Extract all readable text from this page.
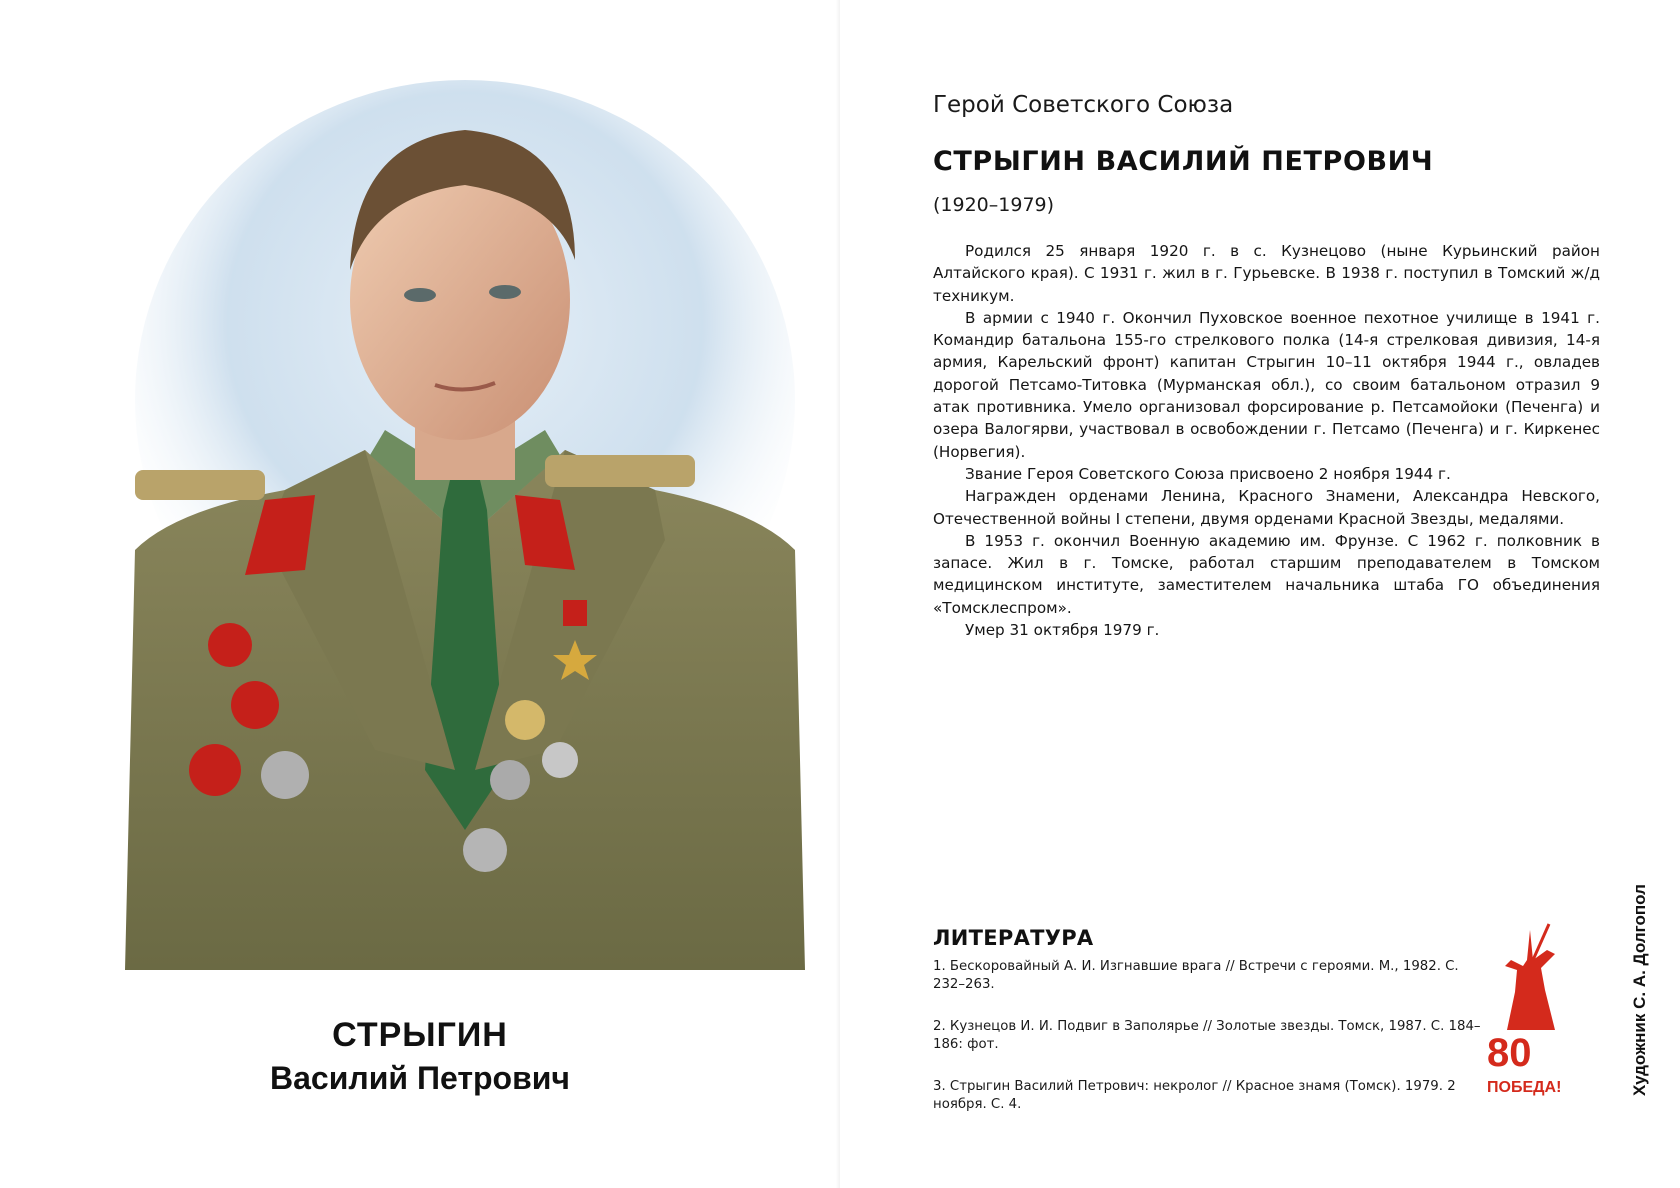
СТРЫГИН
Василий Петрович
Герой Советского Союза
СТРЫГИН ВАСИЛИЙ ПЕТРОВИЧ
(1920–1979)

Родился 25 января 1920 г. в с. Кузнецово (ныне Курьинский район Алтайского края). С 1931 г. жил в г. Гурьевске. В 1938 г. поступил в Томский ж/д техникум.

В армии с 1940 г. Окончил Пуховское военное пехотное училище в 1941 г. Командир батальона 155-го стрелкового полка (14-я стрелковая дивизия, 14-я армия, Карельский фронт) капитан Стрыгин 10–11 октября 1944 г., овладев дорогой Петсамо-Титовка (Мурманская обл.), со своим батальоном отразил 9 атак противника. Умело организовал форсирование р. Петсамойоки (Печенга) и озера Валогярви, участвовал в освобождении г. Петсамо (Печенга) и г. Киркенес (Норвегия).

Звание Героя Советского Союза присвоено 2 ноября 1944 г.

Награжден орденами Ленина, Красного Знамени, Александра Невского, Отечественной войны I степени, двумя орденами Красной Звезды, медалями.

В 1953 г. окончил Военную академию им. Фрунзе. С 1962 г. полковник в запасе. Жил в г. Томске, работал старшим преподавателем в Томском медицинском институте, заместителем начальника штаба ГО объединения «Томсклеспром».

Умер 31 октября 1979 г.

ЛИТЕРАТУРА
1. Бескоровайный А. И. Изгнавшие врага // Встречи с героями. М., 1982. С. 232–263.
2. Кузнецов И. И. Подвиг в Заполярье // Золотые звезды. Томск, 1987. С. 184–186: фот.
3. Стрыгин Василий Петрович: некролог // Красное знамя (Томск). 1979. 2 ноября. С. 4.
80
ПОБЕДА!	Художник С. А. Долгопол
